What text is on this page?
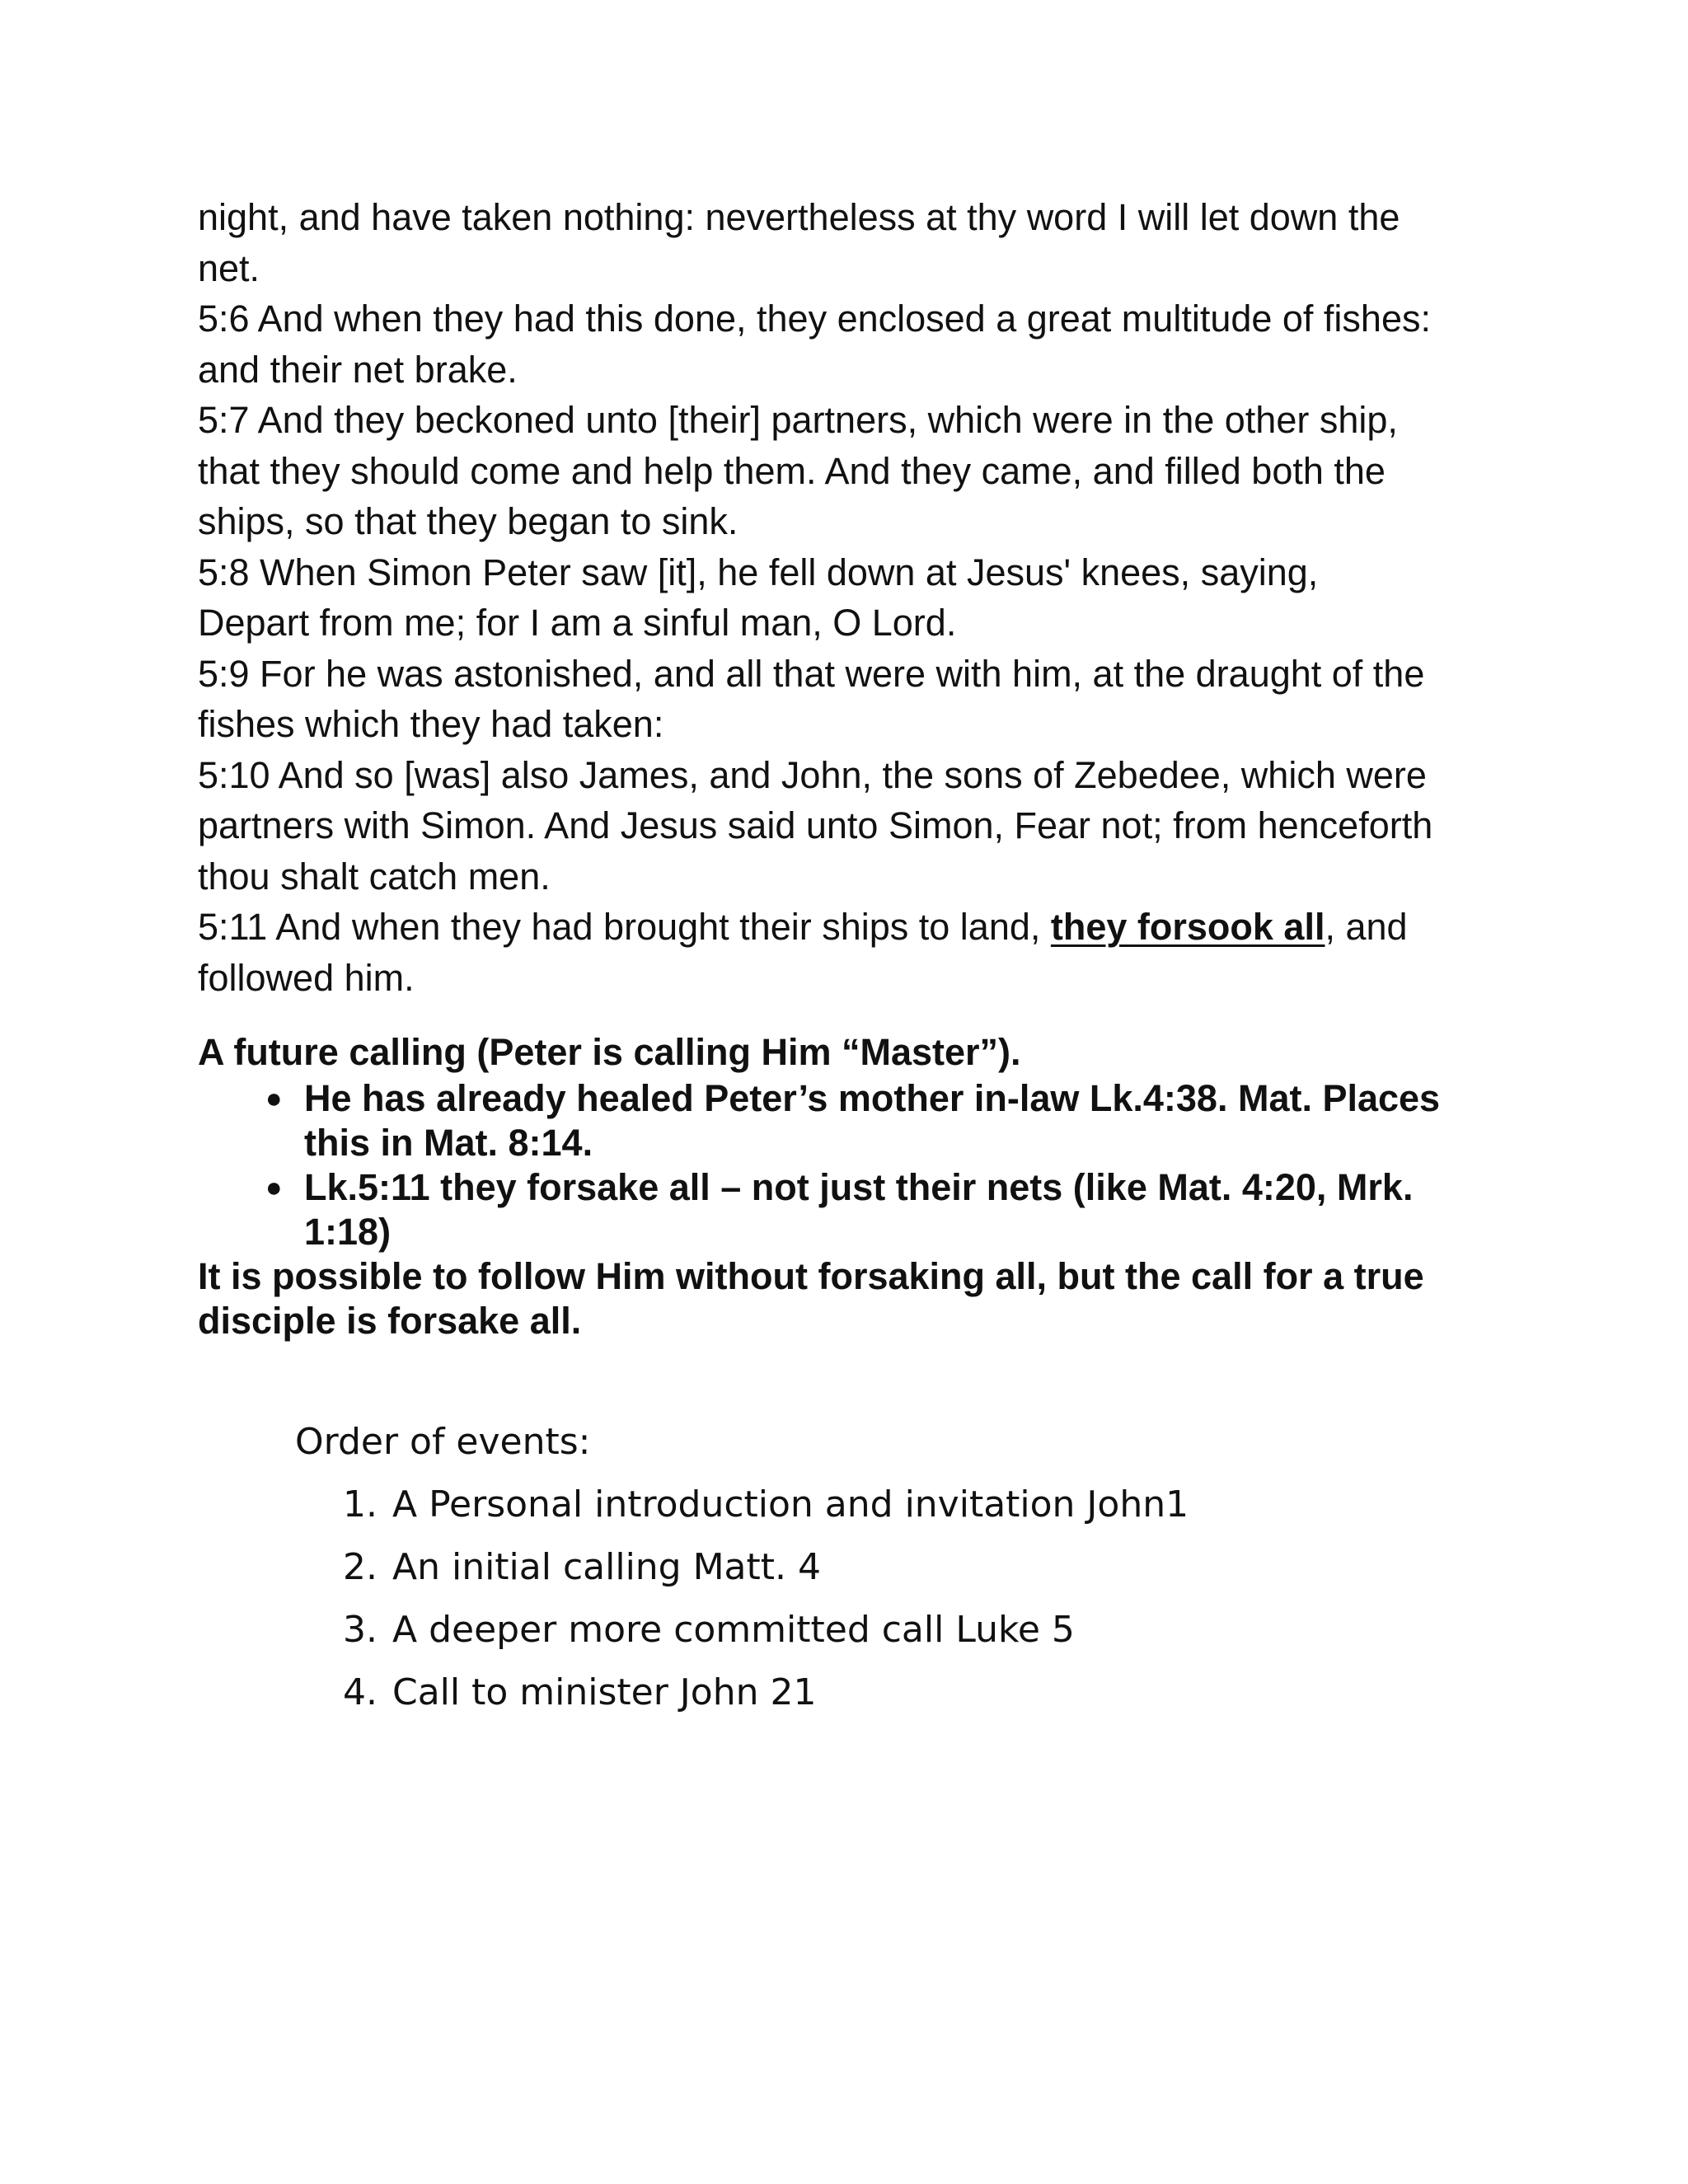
night, and have taken nothing: nevertheless at thy word I will let down the
net.
5:6 And when they had this done, they enclosed a great multitude of fishes:
and their net brake.
5:7 And they beckoned unto [their] partners, which were in the other ship,
that they should come and help them. And they came, and filled both the
ships, so that they began to sink.
5:8 When Simon Peter saw [it], he fell down at Jesus' knees, saying,
Depart from me; for I am a sinful man, O Lord.
5:9 For he was astonished, and all that were with him, at the draught of the
fishes which they had taken:
5:10 And so [was] also James, and John, the sons of Zebedee, which were
partners with Simon. And Jesus said unto Simon, Fear not; from henceforth
thou shalt catch men.
5:11 And when they had brought their ships to land, they forsook all, and
followed him.
A future calling (Peter is calling Him “Master”).
● He has already healed Peter’s mother in-law Lk.4:38. Mat. Places
this in Mat. 8:14.
● Lk.5:11 they forsake all – not just their nets (like Mat. 4:20, Mrk.
1:18)
It is possible to follow Him without forsaking all, but the call for a true
disciple is forsake all.
Order of events:
1. A Personal introduction and invitation John1
2. An initial calling Matt. 4
3. A deeper more committed call Luke 5
4. Call to minister John 21
